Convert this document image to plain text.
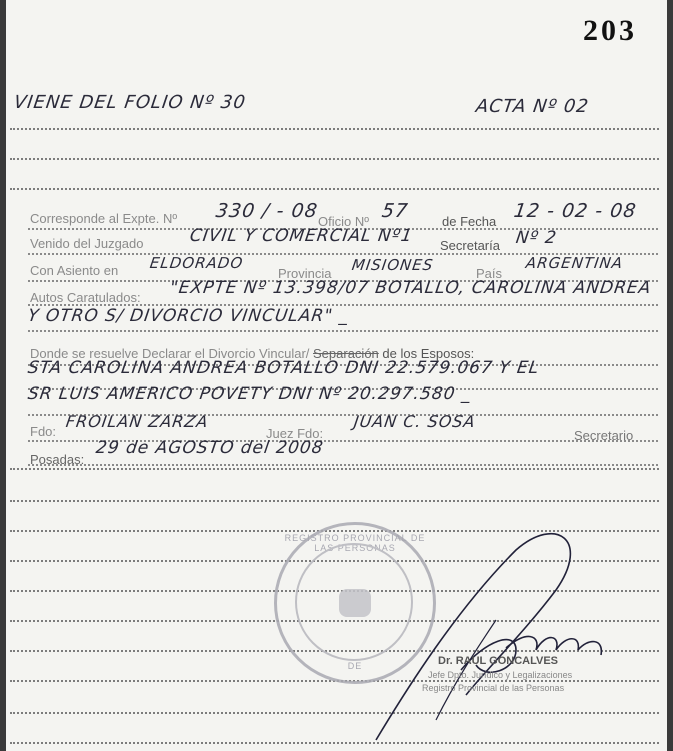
203
VIENE DEL FOLIO Nº 30	ACTA Nº 02
Corresponde al Expte. Nº 330 / - 08
Oficio Nº 57 de Fecha 12 - 02 - 08
Venido del Juzgado	CIVIL Y COMERCIAL Nº1 Secretaría Nº 2
Con Asiento en ELDORADO
Provincia MISIONES	País
ARGENTINA
Autos Caratulados: "EXPTE Nº 13.398/07 BOTALLO, CAROLINA ANDREA
Y OTRO S/ DIVORCIO VINCULAR" _
Donde se resuelve Declarar el Divorcio Vincular/ Separación de los Esposos:
STA CAROLINA ANDREA BOTALLO DNI 22.579.067 Y EL
SR LUIS AMERICO POVETY DNI Nº 20.297.580 _
Fdo:
FROILAN ZARZA
Juez Fdo:
JUAN C. SOSA
Secretario
Posadas:
29 de AGOSTO del 2008
REGISTRO PROVINCIAL DE LAS PERSONAS
DE	Dr. RAUL GONCALVES
Jefe Dpto. Jurídico y Legalizaciones
Registro Provincial de las Personas
